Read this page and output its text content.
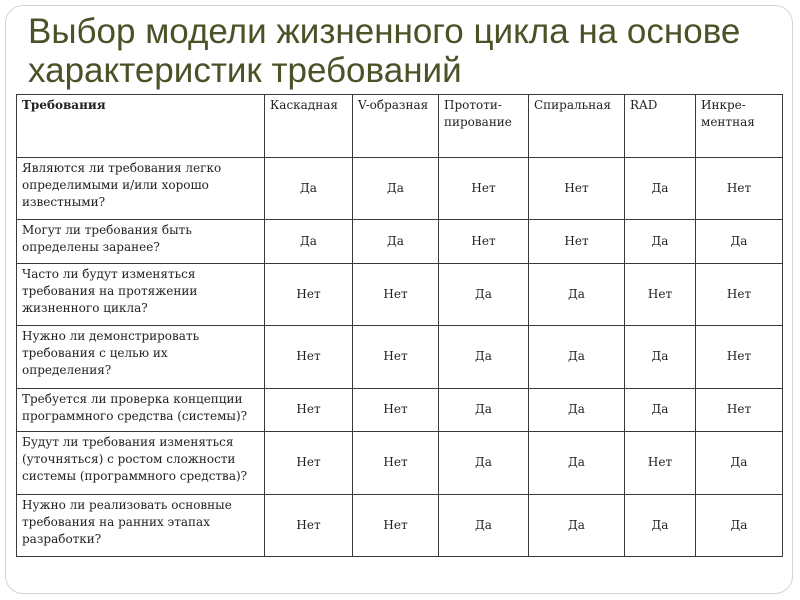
Выбор модели жизненного цикла на основе
характеристик требований
Требования	Каскадная	V-образная	Прототи-пирование	Спиральная	RAD	Инкре-ментная
Являются ли требования легко определимыми и/или хорошо известными?	Да	Да	Нет	Нет	Да	Нет
Могут ли требования быть определены заранее?	Да	Да	Нет	Нет	Да	Да
Часто ли будут изменяться требования на протяжении жизненного цикла?	Нет	Нет	Да	Да	Нет	Нет
Нужно ли демонстрировать требования с целью их определения?	Нет	Нет	Да	Да	Да	Нет
Требуется ли проверка концепции программного средства (системы)?	Нет	Нет	Да	Да	Да	Нет
Будут ли требования изменяться (уточняться) с ростом сложности системы (программного средства)?	Нет	Нет	Да	Да	Нет	Да
Нужно ли реализовать основные требования на ранних этапах разработки?	Нет	Нет	Да	Да	Да	Да
